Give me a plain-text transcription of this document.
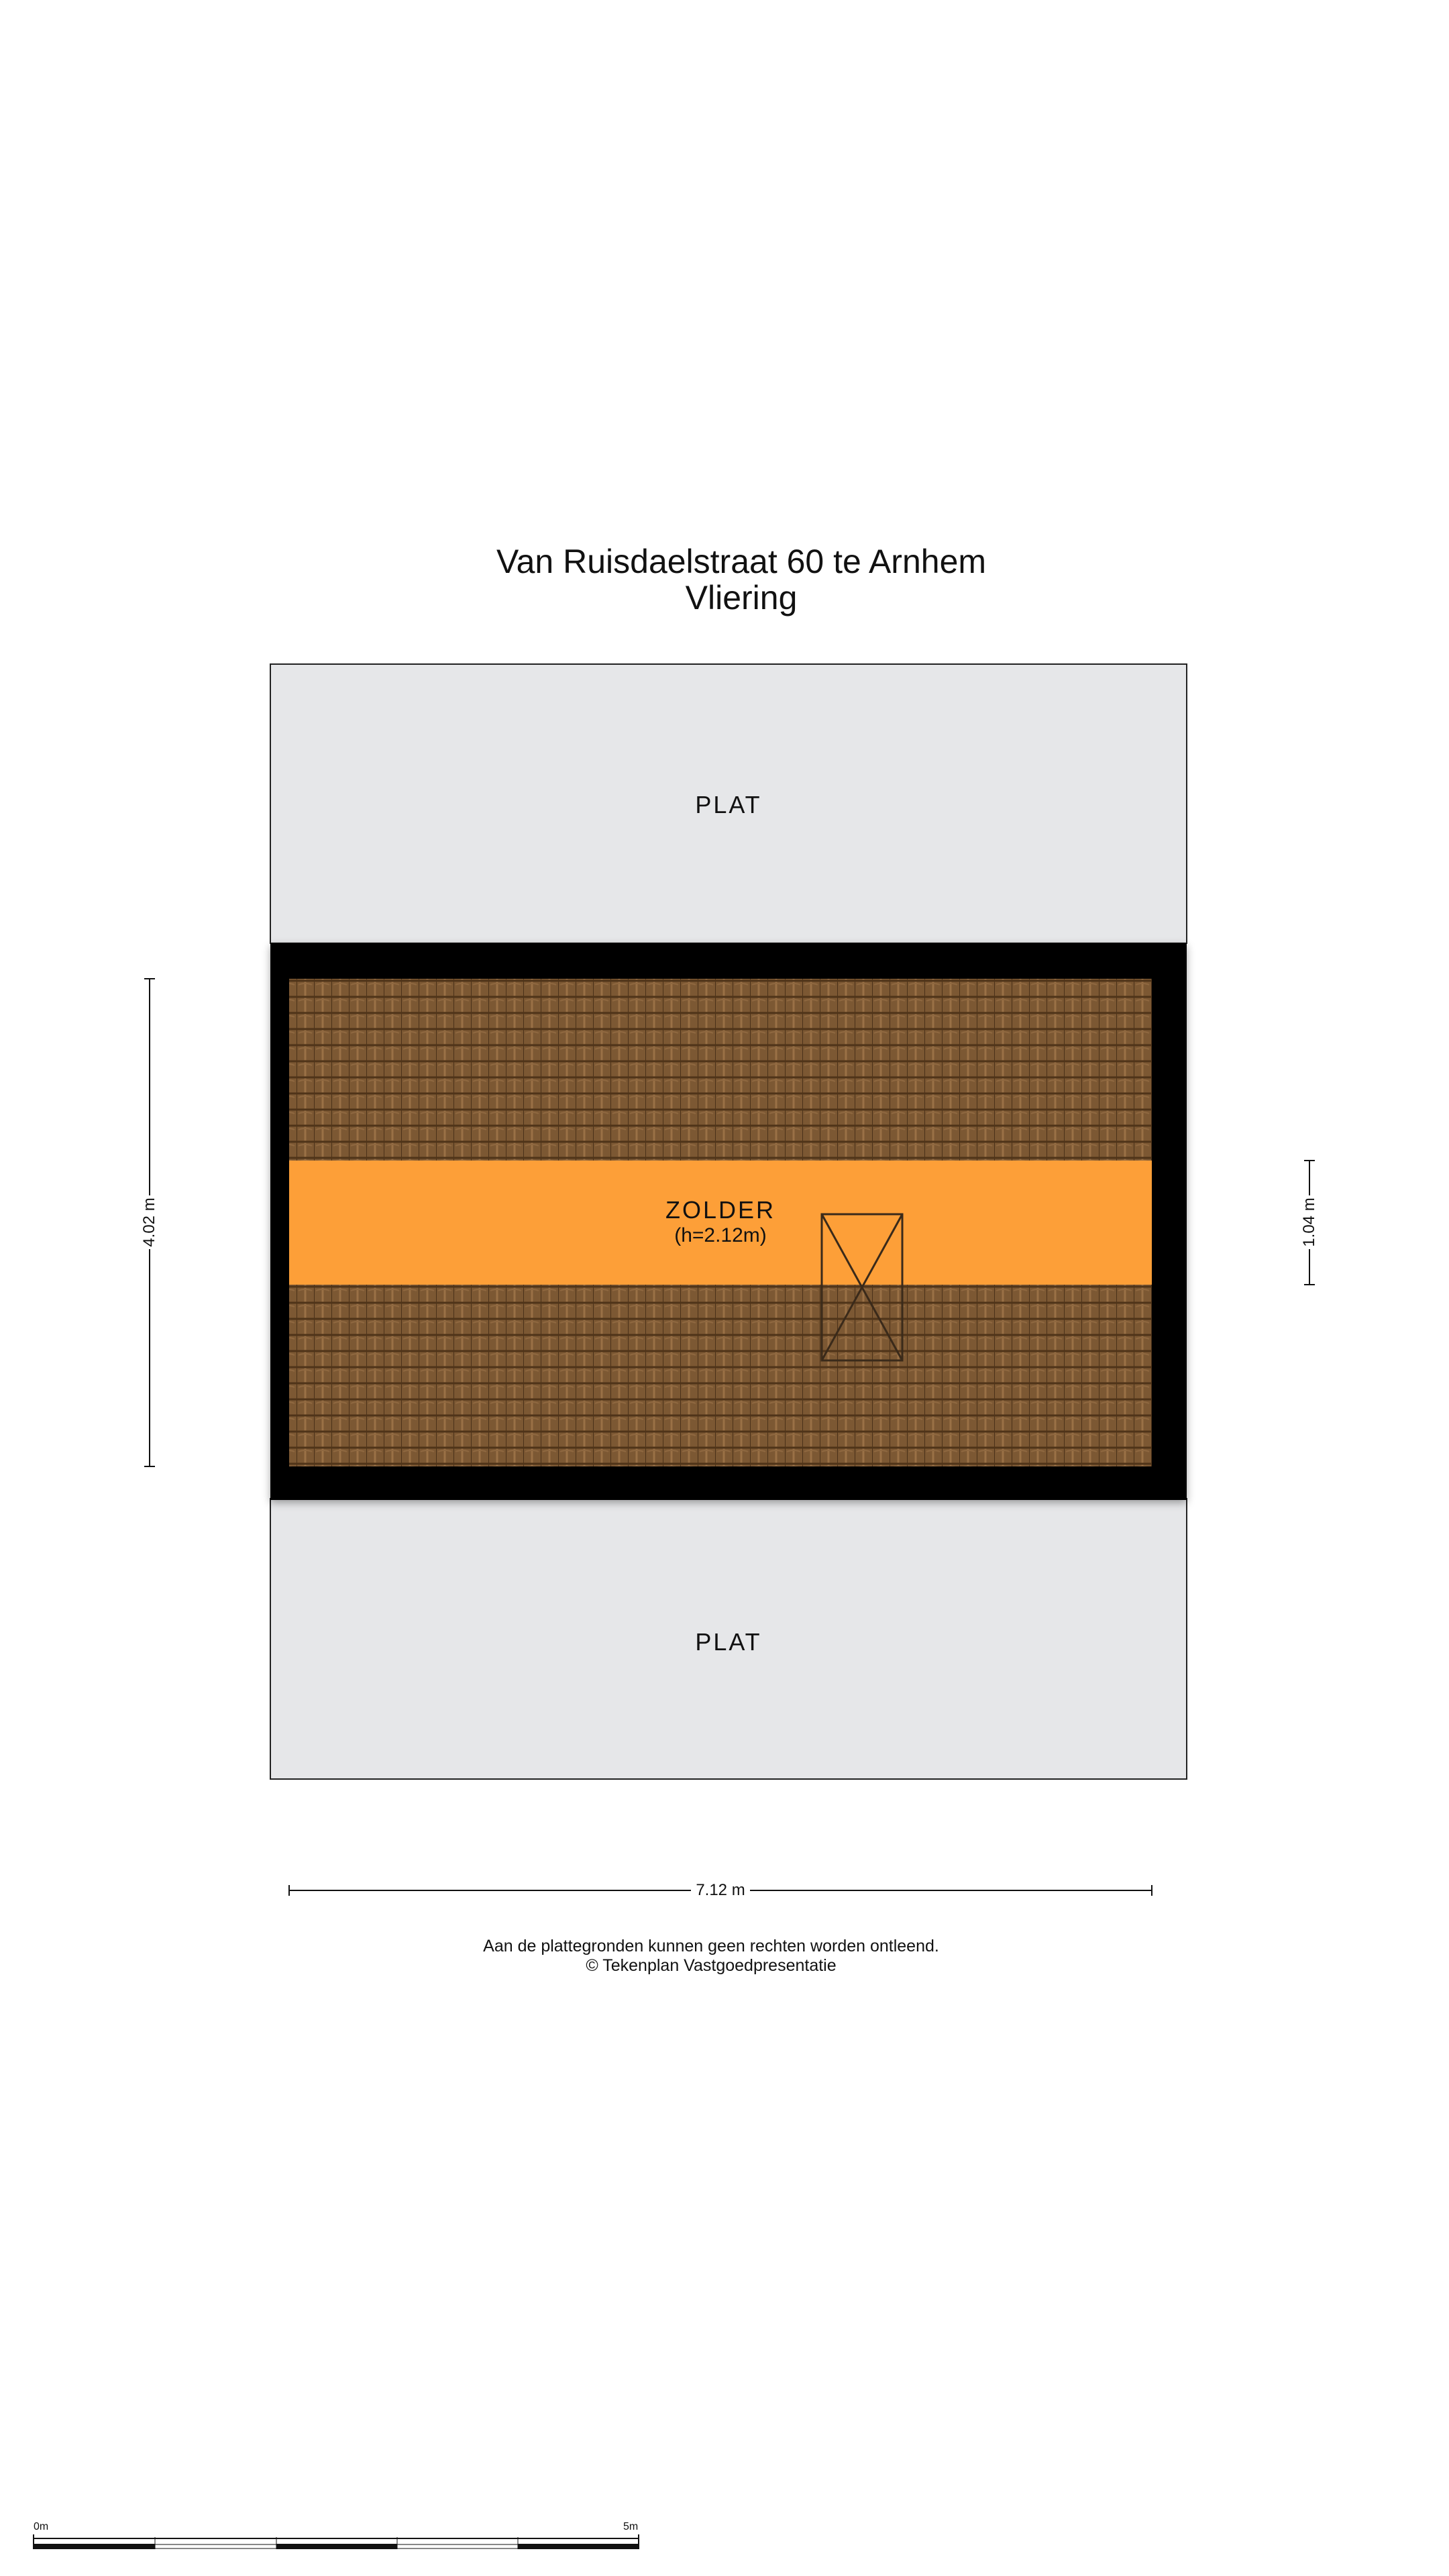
Van Ruisdaelstraat 60 te Arnhem
Vliering
PLAT
PLAT
ZOLDER
(h=2.12m)
4.02 m	1.04 m
7.12 m
Aan de plattegronden kunnen geen rechten worden ontleend.
© Tekenplan Vastgoedpresentatie
0m	5m
